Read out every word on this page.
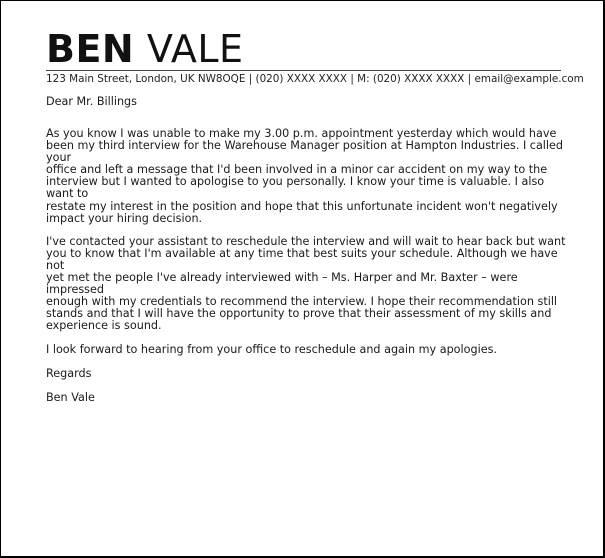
BEN VALE
123 Main Street, London, UK NW8OQE | (020) XXXX XXXX | M: (020) XXXX XXXX | email@example.com
Dear Mr. Billings
As you know I was unable to make my 3.00 p.m. appointment yesterday which would have
been my third interview for the Warehouse Manager position at Hampton Industries. I called your
office and left a message that I'd been involved in a minor car accident on my way to the
interview but I wanted to apologise to you personally. I know your time is valuable. I also want to
restate my interest in the position and hope that this unfortunate incident won't negatively
impact your hiring decision.
I've contacted your assistant to reschedule the interview and will wait to hear back but want
you to know that I'm available at any time that best suits your schedule. Although we have not
yet met the people I've already interviewed with – Ms. Harper and Mr. Baxter – were impressed
enough with my credentials to recommend the interview. I hope their recommendation still
stands and that I will have the opportunity to prove that their assessment of my skills and
experience is sound.
I look forward to hearing from your office to reschedule and again my apologies.
Regards
Ben Vale
